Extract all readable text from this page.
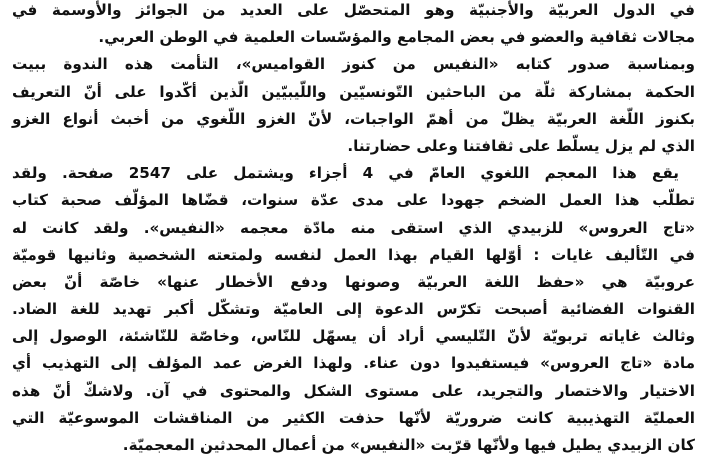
ﻓﻲ ﺍﻟﺪﻭﻝ ﺍﻟﻌﺮﺑﻴّﺔ ﻭﺍﻷﺟﻨﺒﻴّﺔ ﻭﻫﻮ ﺍﻟﻤﺘﺤﺼّﻞ ﻋﻠﻰ ﺍﻟﻌﺪﻳﺪ ﻣﻦ ﺍﻟﺠﻮﺍﺋﺰ ﻭﺍﻷﻭﺳﻤﺔ ﻓﻲ
ﻣﺠﺎﻻﺕ ﺛﻘﺎﻓﻴﺔ ﻭﺍﻟﻌﻀﻮ ﻓﻲ ﺑﻌﺾ ﺍﻟﻤﺠﺎﻣﻊ ﻭﺍﻟﻤﺆﺳّﺴﺎﺕ ﺍﻟﻌﻠﻤﻴﺔ ﻓﻲ ﺍﻟﻮﻃﻦ ﺍﻟﻌﺮﺑﻲ.
ﻭﺑﻤﻨﺎﺳﺒﺔ ﺻﺪﻭﺭ ﻛﺘﺎﺑﻪ «ﺍﻟﻨﻔﻴﺲ ﻣﻦ ﻛﻨﻮﺯ ﺍﻟﻘﻮﺍﻣﻴﺲ»، ﺍﻟﺘﺄﻣﺖ ﻫﺬﻩ ﺍﻟﻨﺪﻭﺓ ﺑﺒﻴﺖ
ﺍﻟﺤﻜﻤﺔ ﺑﻤﺸﺎﺭﻛﺔ ﺛﻠّﺔ ﻣﻦ ﺍﻟﺒﺎﺣﺜﻴﻦ ﺍﻟﺘّﻮﻧﺴﻴّﻴﻦ ﻭﺍﻟﻠّﻴﺒﻴّﻴﻦ ﺍﻟّﺬﻳﻦ ﺃﻛّﺪﻭﺍ ﻋﻠﻰ ﺃﻥّ ﺍﻟﺘﻌﺮﻳﻒ
ﺑﻜﻨﻮﺯ ﺍﻟﻠّﻐﺔ ﺍﻟﻌﺮﺑﻴّﺔ ﻳﻈﻞّ ﻣﻦ ﺃﻫﻢّ ﺍﻟﻮﺍﺟﺒﺎﺕ، ﻷﻥّ ﺍﻟﻐﺰﻭ ﺍﻟﻠّﻐﻮﻱ ﻣﻦ ﺃﺧﺒﺚ ﺃﻧﻮﺍﻉ ﺍﻟﻐﺰﻭ
ﺍﻟﺬﻱ ﻟﻢ ﻳﺰﻝ ﻳﺴﻠّﻂ ﻋﻠﻰ ﺛﻘﺎﻓﺘﻨﺎ ﻭﻋﻠﻰ ﺣﻀﺎﺭﺗﻨﺎ.
ﻳﻘﻊ ﻫﺬﺍ ﺍﻟﻤﻌﺠﻢ ﺍﻟﻠﻐﻮﻱ ﺍﻟﻌﺎﻡّ ﻓﻲ 4 ﺃﺟﺰﺍﺀ ﻭﻳﺸﺘﻤﻞ ﻋﻠﻰ 2547 ﺻﻔﺤﺔ. ﻭﻟﻘﺪ
ﺗﻄﻠّﺐ ﻫﺬﺍ ﺍﻟﻌﻤﻞ ﺍﻟﻀﺨﻢ ﺟﻬﻮﺩﺍ ﻋﻠﻰ ﻣﺪﻯ ﻋﺪّﺓ ﺳﻨﻮﺍﺕ، ﻗﻀّﺎﻫﺎ ﺍﻟﻤﺆﻟّﻒ ﺻﺤﺒﺔ ﻛﺘﺎﺏ
«ﺗﺎﺝ ﺍﻟﻌﺮﻭﺱ» ﻟﻠﺰﺑﻴﺪﻱ ﺍﻟﺬﻱ ﺍﺳﺘﻘﻰ ﻣﻨﻪ ﻣﺎﺩّﺓ ﻣﻌﺠﻤﻪ «ﺍﻟﻨﻔﻴﺲ». ﻭﻟﻘﺪ ﻛﺎﻧﺖ ﻟﻪ
ﻓﻲ ﺍﻟﺘّﺄﻟﻴﻒ ﻏﺎﻳﺎﺕ : ﺃﻭّﻟﻬﺎ ﺍﻟﻘﻴﺎﻡ ﺑﻬﺬﺍ ﺍﻟﻌﻤﻞ ﻟﻨﻔﺴﻪ ﻭﻟﻤﺘﻌﺘﻪ ﺍﻟﺸﺨﺼﻴﺔ ﻭﺛﺎﻧﻴﻬﺎ ﻗﻮﻣﻴّﺔ
ﻋﺮﻭﺑﻴّﺔ ﻫﻲ «ﺣﻔﻆ ﺍﻟﻠﻐﺔ ﺍﻟﻌﺮﺑﻴّﺔ ﻭﺻﻮﻧﻬﺎ ﻭﺩﻓﻊ ﺍﻷﺧﻄﺎﺭ ﻋﻨﻬﺎ» ﺧﺎﺻّﺔ ﺃﻥّ ﺑﻌﺾ
ﺍﻟﻘﻨﻮﺍﺕ ﺍﻟﻔﻀﺎﺋﻴﺔ ﺃﺻﺒﺤﺖ ﺗﻜﺮّﺱ ﺍﻟﺪﻋﻮﺓ ﺇﻟﻰ ﺍﻟﻌﺎﻣﻴّﺔ ﻭﺗﺸﻜّﻞ ﺃﻛﺒﺮ ﺗﻬﺪﻳﺪ ﻟﻠﻐﺔ ﺍﻟﻀﺎﺩ.
ﻭﺛﺎﻟﺚ ﻏﺎﻳﺎﺗﻪ ﺗﺮﺑﻮﻳّﺔ ﻷﻥّ ﺍﻟﺘّﻠﻴﺴﻲ ﺃﺭﺍﺩ ﺃﻥ ﻳﺴﻬّﻞ ﻟﻠﻨّﺎﺱ، ﻭﺧﺎﺻّﺔ ﻟﻠﻨّﺎﺷﺌﺔ، ﺍﻟﻮﺻﻮﻝ ﺇﻟﻰ
ﻣﺎﺩﺓ «ﺗﺎﺝ ﺍﻟﻌﺮﻭﺱ» ﻓﻴﺴﺘﻔﻴﺪﻭﺍ ﺩﻭﻥ ﻋﻨﺎﺀ. ﻭﻟﻬﺬﺍ ﺍﻟﻐﺮﺽ ﻋﻤﺪ ﺍﻟﻤﺆﻟﻒ ﺇﻟﻰ ﺍﻟﺘﻬﺬﻳﺐ ﺃﻱ
ﺍﻻﺧﺘﻴﺎﺭ ﻭﺍﻻﺧﺘﺼﺎﺭ ﻭﺍﻟﺘﺠﺮﻳﺪ، ﻋﻠﻰ ﻣﺴﺘﻮﻯ ﺍﻟﺸﻜﻞ ﻭﺍﻟﻤﺤﺘﻮﻯ ﻓﻲ ﺁﻥ. ﻭﻻﺷﻚّ ﺃﻥّ ﻫﺬﻩ
ﺍﻟﻌﻤﻠﻴّﺔ ﺍﻟﺘﻬﺬﻳﺒﻴﺔ ﻛﺎﻧﺖ ﺿﺮﻭﺭﻳّﺔ ﻷﻧّﻬﺎ ﺣﺬﻓﺖ ﺍﻟﻜﺜﻴﺮ ﻣﻦ ﺍﻟﻤﻨﺎﻗﺸﺎﺕ ﺍﻟﻤﻮﺳﻮﻋﻴّﺔ ﺍﻟﺘﻲ
ﻛﺎﻥ ﺍﻟﺰﺑﻴﺪﻱ ﻳﻄﻴﻞ ﻓﻴﻬﺎ ﻭﻷﻧّﻬﺎ ﻗﺮّﺑﺖ «ﺍﻟﻨﻔﻴﺲ» ﻣﻦ ﺃﻋﻤﺎﻝ ﺍﻟﻤﺤﺪﺛﻴﻦ ﺍﻟﻤﻌﺠﻤﻴّﺔ.
